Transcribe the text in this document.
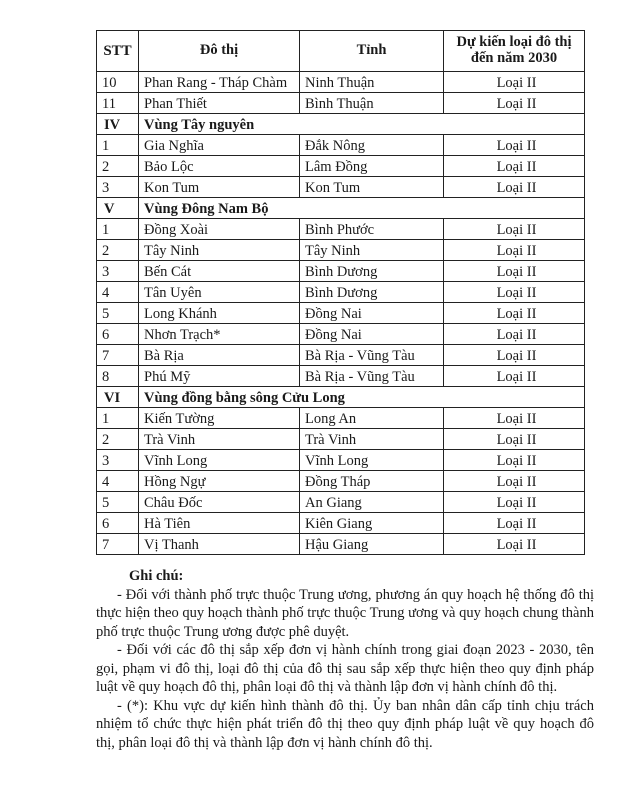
STT	Đô thị	Tỉnh	Dự kiến loại đô thị
đến năm 2030
10	Phan Rang - Tháp Chàm	Ninh Thuận	Loại II
11	Phan Thiết	Bình Thuận	Loại II
IV	Vùng Tây nguyên		
1	Gia Nghĩa	Đắk Nông	Loại II
2	Bảo Lộc	Lâm Đồng	Loại II
3	Kon Tum	Kon Tum	Loại II
V	Vùng Đông Nam Bộ		
1	Đồng Xoài	Bình Phước	Loại II
2	Tây Ninh	Tây Ninh	Loại II
3	Bến Cát	Bình Dương	Loại II
4	Tân Uyên	Bình Dương	Loại II
5	Long Khánh	Đồng Nai	Loại II
6	Nhơn Trạch*	Đồng Nai	Loại II
7	Bà Rịa	Bà Rịa - Vũng Tàu	Loại II
8	Phú Mỹ	Bà Rịa - Vũng Tàu	Loại II
VI	Vùng đồng bằng sông Cửu Long		
1	Kiến Tường	Long An	Loại II
2	Trà Vinh	Trà Vinh	Loại II
3	Vĩnh Long	Vĩnh Long	Loại II
4	Hồng Ngự	Đồng Tháp	Loại II
5	Châu Đốc	An Giang	Loại II
6	Hà Tiên	Kiên Giang	Loại II
7	Vị Thanh	Hậu Giang	Loại II
Ghi chú:

- Đối với thành phố trực thuộc Trung ương, phương án quy hoạch hệ thống đô thị thực hiện theo quy hoạch thành phố trực thuộc Trung ương và quy hoạch chung thành phố trực thuộc Trung ương được phê duyệt.

- Đối với các đô thị sắp xếp đơn vị hành chính trong giai đoạn 2023 - 2030, tên gọi, phạm vi đô thị, loại đô thị của đô thị sau sắp xếp thực hiện theo quy định pháp luật về quy hoạch đô thị, phân loại đô thị và thành lập đơn vị hành chính đô thị.

- (*): Khu vực dự kiến hình thành đô thị. Ủy ban nhân dân cấp tỉnh chịu trách nhiệm tổ chức thực hiện phát triển đô thị theo quy định pháp luật về quy hoạch đô thị, phân loại đô thị và thành lập đơn vị hành chính đô thị.
